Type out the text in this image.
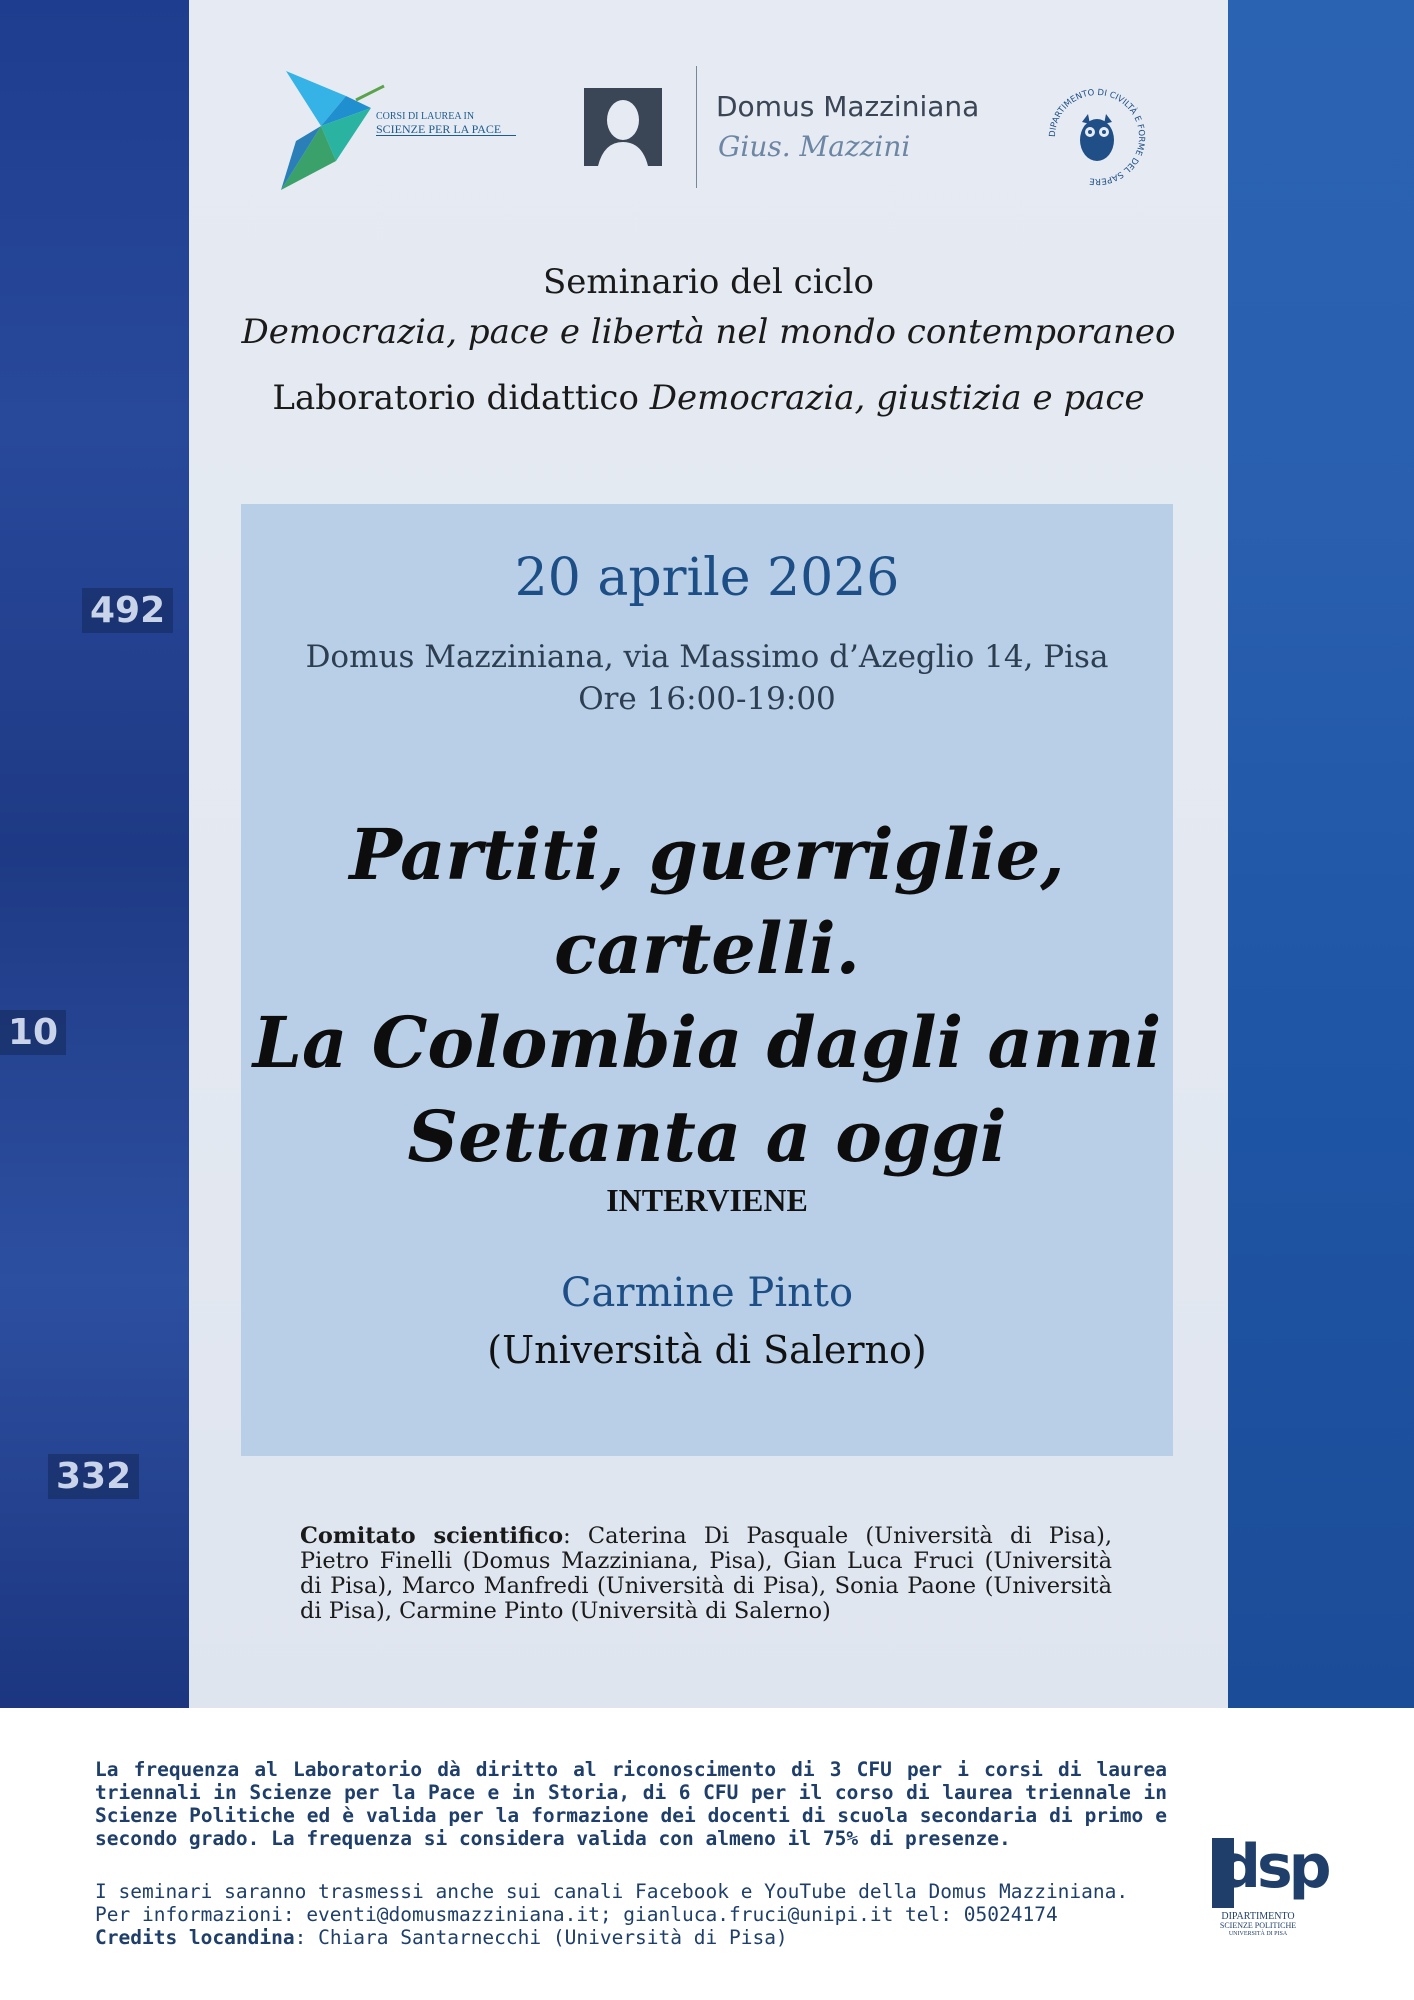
492
10
332
CORSI DI LAUREA IN
SCIENZE PER LA PACE
Domus Mazziniana
Gius. Mazzini	DIPARTIMENTO DI CIVILTÀ E FORME DEL SAPERE
Seminario del ciclo
Democrazia, pace e libertà nel mondo contemporaneo
Laboratorio didattico Democrazia, giustizia e pace
20 aprile 2026
Domus Mazziniana, via Massimo d’Azeglio 14, Pisa
Ore 16:00-19:00
Partiti, guerriglie, cartelli.
La Colombia dagli anni
Settanta a oggi
INTERVIENE
Carmine Pinto
(Università di Salerno)
Comitato scientifico: Caterina Di Pasquale (Università di Pisa), Pietro Finelli (Domus Mazziniana, Pisa), Gian Luca Fruci (Università di Pisa), Marco Manfredi (Università di Pisa), Sonia Paone (Università di Pisa), Carmine Pinto (Università di Salerno)
La frequenza al Laboratorio dà diritto al riconoscimento di 3 CFU per i corsi di laurea triennali in Scienze per la Pace e in Storia, di 6 CFU per il corso di laurea triennale in Scienze Politiche ed è valida per la formazione dei docenti di scuola secondaria di primo e secondo grado. La frequenza si considera valida con almeno il 75% di presenze.
I seminari saranno trasmessi anche sui canali Facebook e YouTube della Domus Mazziniana.
Per informazioni: eventi@domusmazziniana.it; gianluca.fruci@unipi.it tel: 05024174
Credits locandina: Chiara Santarnecchi (Università di Pisa)
dsp
DIPARTIMENTO
SCIENZE POLITICHE
UNIVERSITÀ DI PISA
